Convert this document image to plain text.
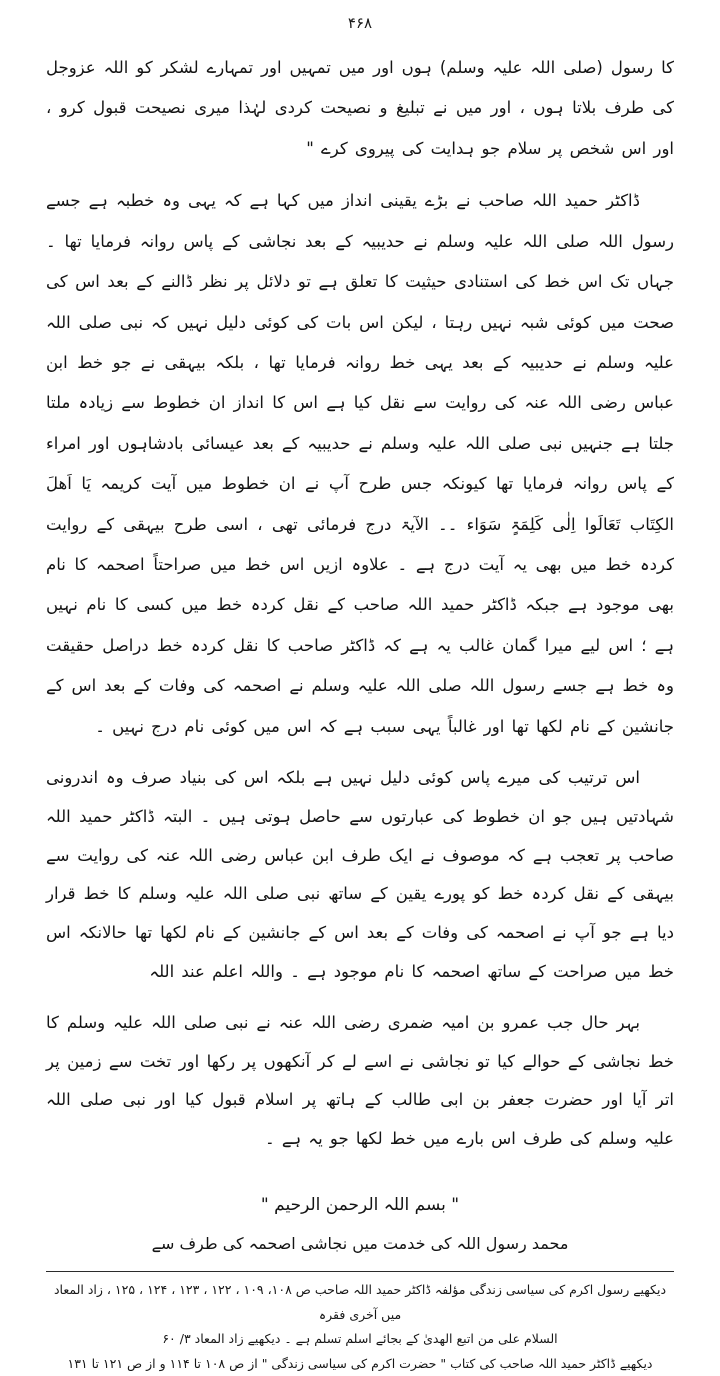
۴۶۸

کا رسول (صلی اللہ علیہ وسلم) ہوں اور میں تمہیں اور تمہارے لشکر کو اللہ عزوجل کی طرف بلاتا ہوں ، اور میں نے تبلیغ و نصیحت کردی لہٰذا میری نصیحت قبول کرو ، اور اس شخص پر سلام جو ہدایت کی پیروی کرے "

ڈاکٹر حمید اللہ صاحب نے بڑے یقینی انداز میں کہا ہے کہ یہی وہ خطبہ ہے جسے رسول اللہ صلی اللہ علیہ وسلم نے حدیبیہ کے بعد نجاشی کے پاس روانہ فرمایا تھا ۔ جہاں تک اس خط کی استنادی حیثیت کا تعلق ہے تو دلائل پر نظر ڈالنے کے بعد اس کی صحت میں کوئی شبہ نہیں رہتا ، لیکن اس بات کی کوئی دلیل نہیں کہ نبی صلی اللہ علیہ وسلم نے حدیبیہ کے بعد یہی خط روانہ فرمایا تھا ، بلکہ بیہقی نے جو خط ابن عباس رضی اللہ عنہ کی روایت سے نقل کیا ہے اس کا انداز ان خطوط سے زیادہ ملتا جلتا ہے جنہیں نبی صلی اللہ علیہ وسلم نے حدیبیہ کے بعد عیسائی بادشاہوں اور امراء کے پاس روانہ فرمایا تھا کیونکہ جس طرح آپ نے ان خطوط میں آیت کریمہ یَا اَھلَ الکِتَاب تَعَالَوا اِلٰی کَلِمَۃٍ سَوَاء ۔۔ الآیۃ درج فرمائی تھی ، اسی طرح بیہقی کے روایت کردہ خط میں بھی یہ آیت درج ہے ۔ علاوہ ازیں اس خط میں صراحتاً اصحمہ کا نام بھی موجود ہے جبکہ ڈاکٹر حمید اللہ صاحب کے نقل کردہ خط میں کسی کا نام نہیں ہے ؛ اس لیے میرا گمان غالب یہ ہے کہ ڈاکٹر صاحب کا نقل کردہ خط دراصل حقیقت وہ خط ہے جسے رسول اللہ صلی اللہ علیہ وسلم نے اصحمہ کی وفات کے بعد اس کے جانشین کے نام لکھا تھا اور غالباً یہی سبب ہے کہ اس میں کوئی نام درج نہیں ۔

اس ترتیب کی میرے پاس کوئی دلیل نہیں ہے بلکہ اس کی بنیاد صرف وہ اندرونی شہادتیں ہیں جو ان خطوط کی عبارتوں سے حاصل ہوتی ہیں ۔ البتہ ڈاکٹر حمید اللہ صاحب پر تعجب ہے کہ موصوف نے ایک طرف ابن عباس رضی اللہ عنہ کی روایت سے بیہقی کے نقل کردہ خط کو پورے یقین کے ساتھ نبی صلی اللہ علیہ وسلم کا خط قرار دیا ہے جو آپ نے اصحمہ کی وفات کے بعد اس کے جانشین کے نام لکھا تھا حالانکہ اس خط میں صراحت کے ساتھ اصحمہ کا نام موجود ہے ۔ واللہ اعلم عند اللہ

بہر حال جب عمرو بن امیہ ضمری رضی اللہ عنہ نے نبی صلی اللہ علیہ وسلم کا خط نجاشی کے حوالے کیا تو نجاشی نے اسے لے کر آنکھوں پر رکھا اور تخت سے زمین پر اتر آیا اور حضرت جعفر بن ابی طالب کے ہاتھ پر اسلام قبول کیا اور نبی صلی اللہ علیہ وسلم کی طرف اس بارے میں خط لکھا جو یہ ہے ۔

" بسم اللہ الرحمن الرحیم "

محمد رسول اللہ کی خدمت میں نجاشی اصحمہ کی طرف سے

دیکھیے رسول اکرم کی سیاسی زندگی مؤلفہ ڈاکٹر حمید اللہ صاحب ص ۱۰۸، ۱۰۹ ، ۱۲۲ ، ۱۲۳ ، ۱۲۴ ، ۱۲۵ ، زاد المعاد میں آخری فقرہ

السلام علی من اتبع الھدیٰ کے بجائے اسلم تسلم ہے ۔ دیکھیے زاد المعاد ۳/ ۶۰

دیکھیے ڈاکٹر حمید اللہ صاحب کی کتاب " حضرت اکرم کی سیاسی زندگی " از ص ۱۰۸ تا ۱۱۴ و از ص ۱۲۱ تا ۱۳۱
